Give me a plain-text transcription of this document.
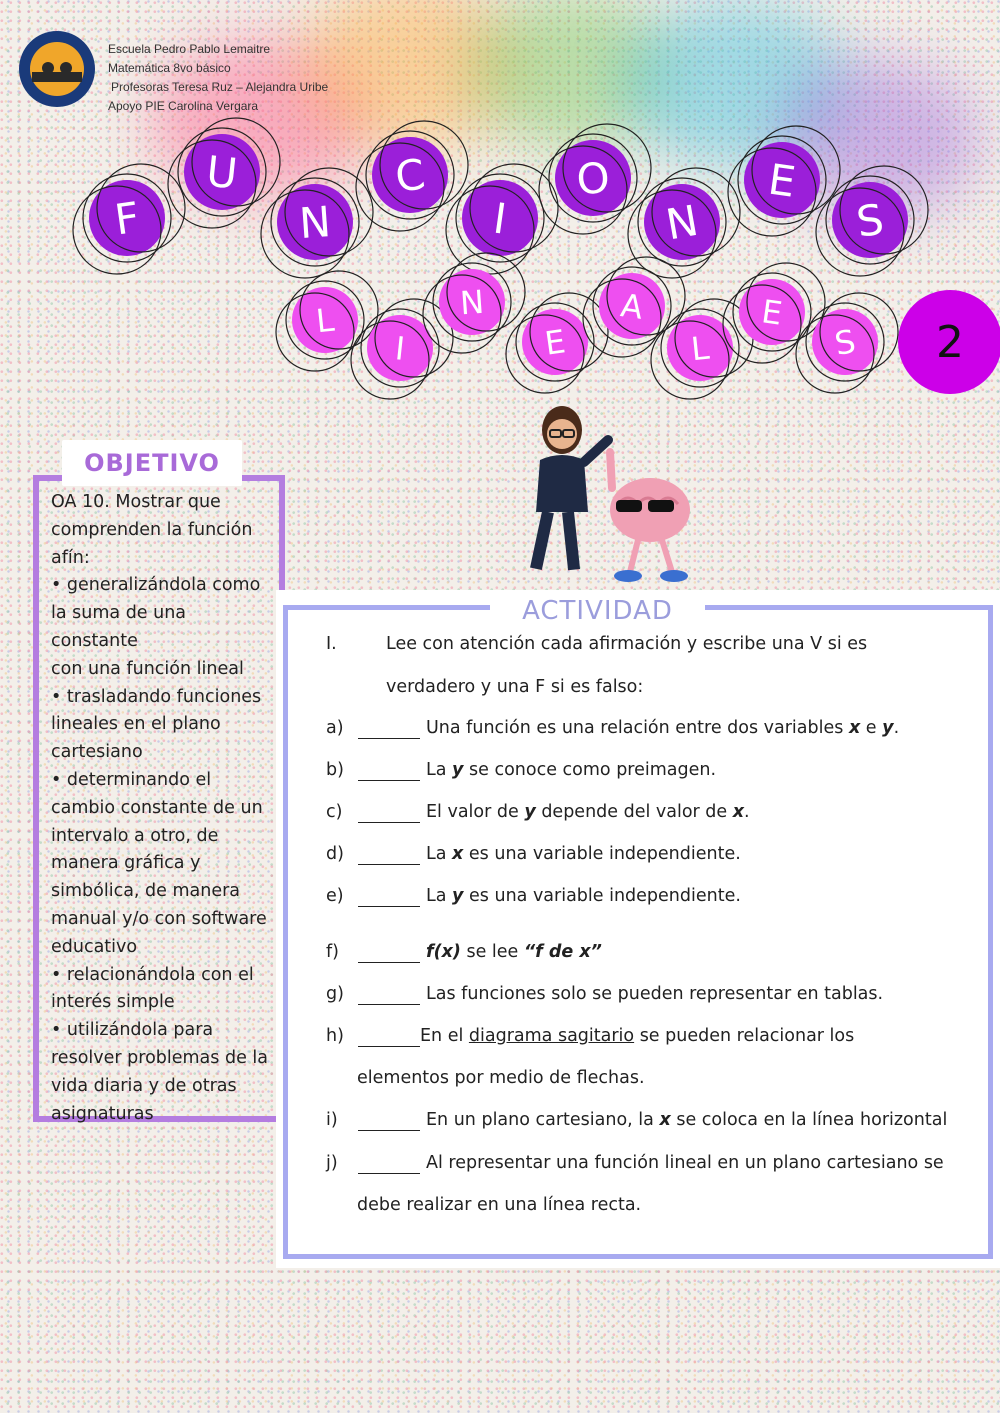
Escuela Pedro Pablo Lemaitre
Matemática 8vo básico
Profesoras Teresa Ruz – Alejandra Uribe
Apoyo PIE Carolina Vergara
F
U
N
C
I
O
N
E
S
L
I
N
E
A
L
E
S	2
OBJETIVO
OA 10. Mostrar que
comprenden la función
afín:
• generalizándola como
la suma de una constante
con una función lineal
• trasladando funciones
lineales en el plano
cartesiano
• determinando el
cambio constante de un
intervalo a otro, de
manera gráfica y
simbólica, de manera
manual y/o con software
educativo
• relacionándola con el
interés simple
• utilizándola para
resolver problemas de la
vida diaria y de otras
asignaturas
ACTIVIDAD
I.	Lee con atención cada afirmación y escribe una V si es
verdadero y una F si es falso:
a)	Una función es una relación entre dos variables x e y.
b)	La y se conoce como preimagen.
c)	El valor de y depende del valor de x.
d)	La x es una variable independiente.
e)	La y es una variable independiente.
f)	f(x) se lee “f de x”
g)	Las funciones solo se pueden representar en tablas.
h)	En el diagrama sagitario se pueden relacionar los
elementos por medio de flechas.
i)	En un plano cartesiano, la x se coloca en la línea horizontal
j)	Al representar una función lineal en un plano cartesiano se
debe realizar en una línea recta.
